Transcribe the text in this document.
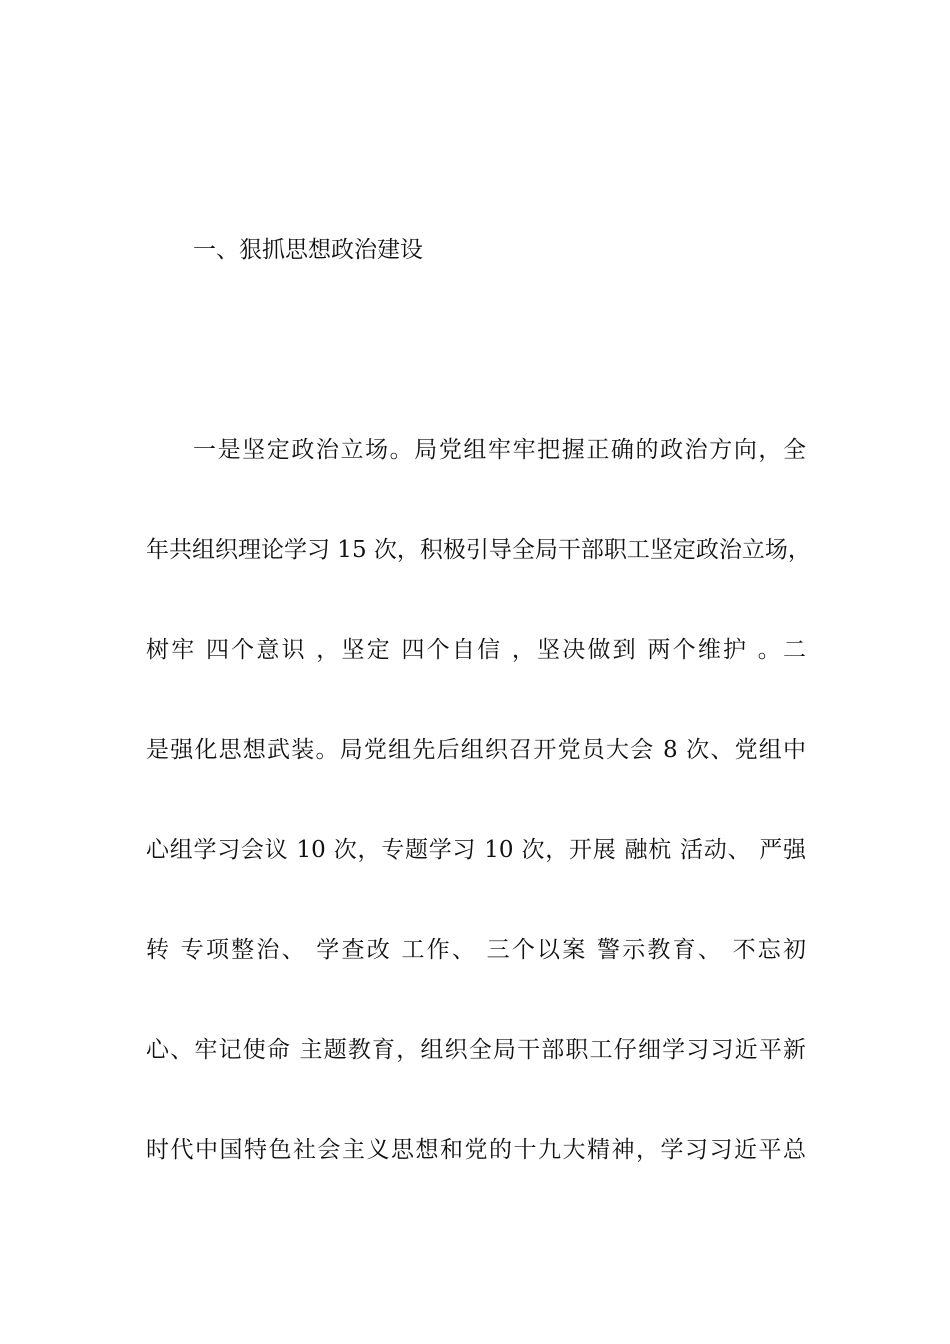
一、狠抓思想政治建设
一是坚定政治立场。局党组牢牢把握正确的政治方向，全
年共组织理论学习 15 次，积极引导全局干部职工坚定政治立场，
树牢 四个意识 ，坚定 四个自信 ，坚决做到 两个维护 。二
是强化思想武装。局党组先后组织召开党员大会 8 次、党组中
心组学习会议 10 次，专题学习 10 次，开展 融杭 活动、 严强
转 专项整治、 学查改 工作、 三个以案 警示教育、 不忘初
心、牢记使命 主题教育，组织全局干部职工仔细学习习近平新
时代中国特色社会主义思想和党的十九大精神，学习习近平总
